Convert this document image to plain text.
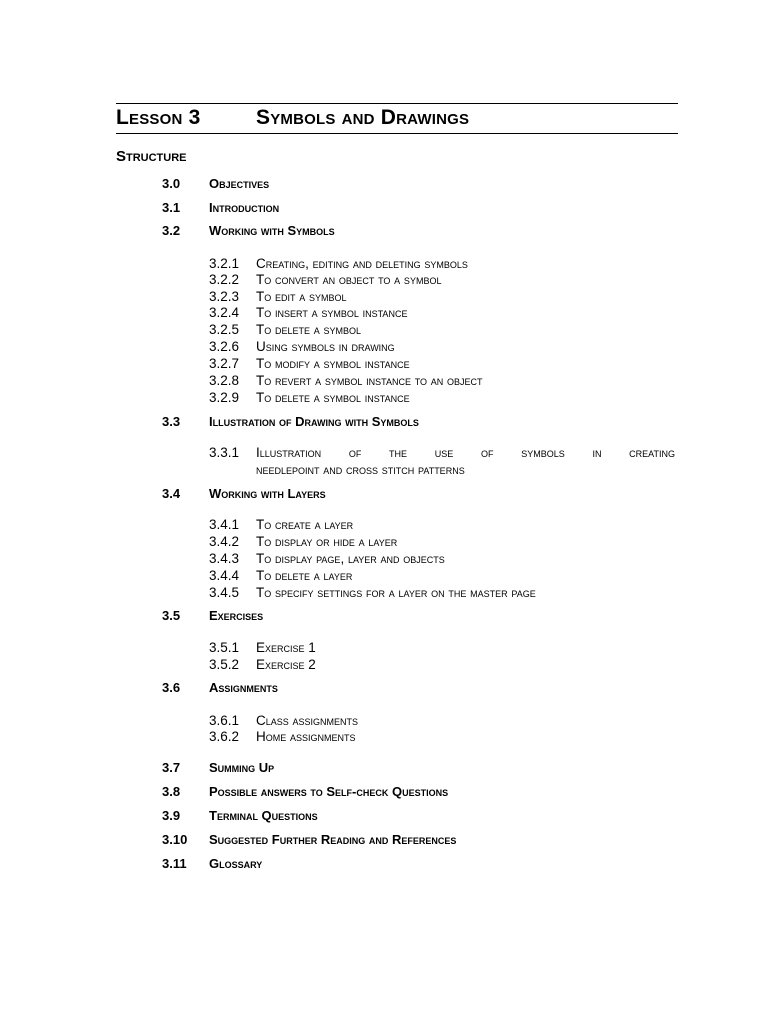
Lesson 3	Symbols and Drawings
Structure
3.0 Objectives
3.1 Introduction
3.2 Working with Symbols
3.2.1 Creating, editing and deleting symbols
3.2.2 To convert an object to a symbol
3.2.3 To edit a symbol
3.2.4 To insert a symbol instance
3.2.5 To delete a symbol
3.2.6 Using symbols in drawing
3.2.7 To modify a symbol instance
3.2.8 To revert a symbol instance to an object
3.2.9 To delete a symbol instance
3.3 Illustration of Drawing with Symbols
3.3.1 Illustration of the use of symbols in creating
needlepoint and cross stitch patterns
3.4 Working with Layers
3.4.1 To create a layer
3.4.2 To display or hide a layer
3.4.3 To display page, layer and objects
3.4.4 To delete a layer
3.4.5 To specify settings for a layer on the master page
3.5 Exercises
3.5.1 Exercise 1
3.5.2 Exercise 2
3.6 Assignments
3.6.1 Class assignments
3.6.2 Home assignments
3.7 Summing Up
3.8 Possible answers to Self-check Questions
3.9 Terminal Questions
3.10 Suggested Further Reading and References
3.11 Glossary
